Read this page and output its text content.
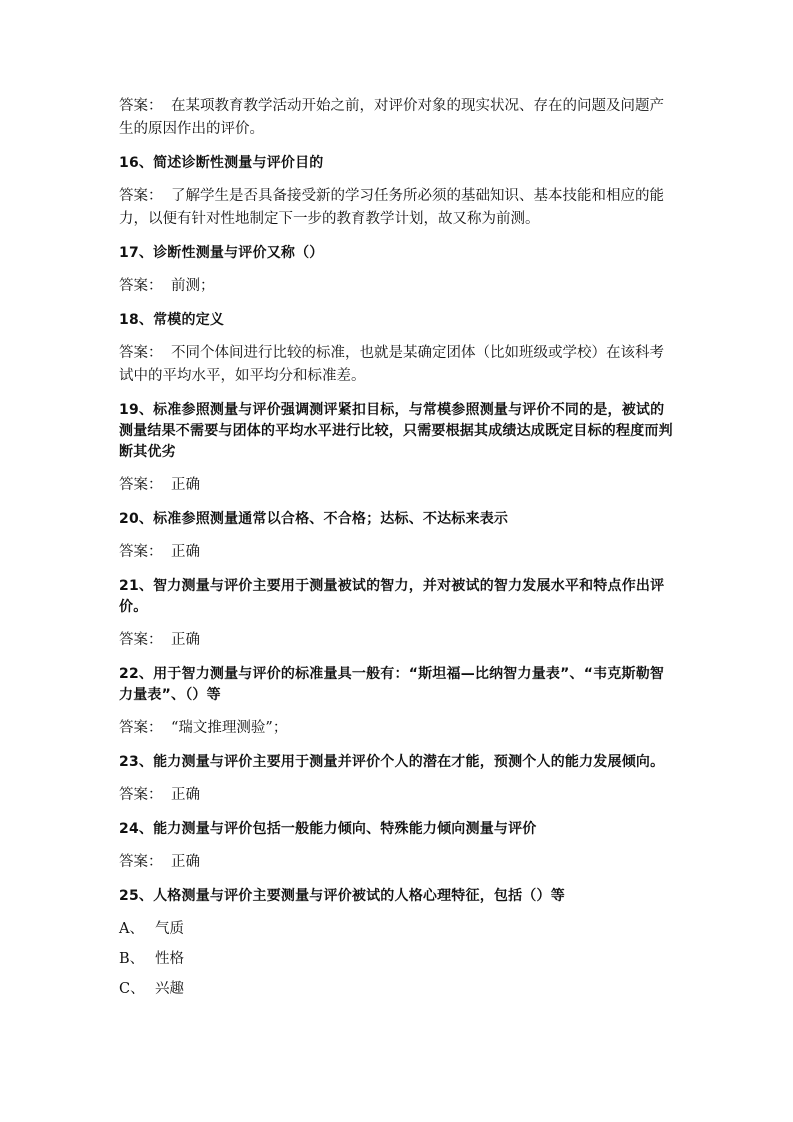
答案： 在某项教育教学活动开始之前，对评价对象的现实状况、存在的问题及问题产生的原因作出的评价。

16、简述诊断性测量与评价目的

答案： 了解学生是否具备接受新的学习任务所必须的基础知识、基本技能和相应的能力，以便有针对性地制定下一步的教育教学计划，故又称为前测。

17、诊断性测量与评价又称（）

答案： 前测；

18、常模的定义

答案： 不同个体间进行比较的标准，也就是某确定团体（比如班级或学校）在该科考试中的平均水平，如平均分和标准差。

19、标准参照测量与评价强调测评紧扣目标，与常模参照测量与评价不同的是，被试的测量结果不需要与团体的平均水平进行比较，只需要根据其成绩达成既定目标的程度而判断其优劣

答案： 正确

20、标准参照测量通常以合格、不合格；达标、不达标来表示

答案： 正确

21、智力测量与评价主要用于测量被试的智力，并对被试的智力发展水平和特点作出评价。

答案： 正确

22、用于智力测量与评价的标准量具一般有：“斯坦福—比纳智力量表”、“韦克斯勒智力量表”、（）等

答案： “瑞文推理测验”；

23、能力测量与评价主要用于测量并评价个人的潜在才能，预测个人的能力发展倾向。

答案： 正确

24、能力测量与评价包括一般能力倾向、特殊能力倾向测量与评价

答案： 正确

25、人格测量与评价主要测量与评价被试的人格心理特征，包括（）等

A、 气质

B、 性格

C、 兴趣
